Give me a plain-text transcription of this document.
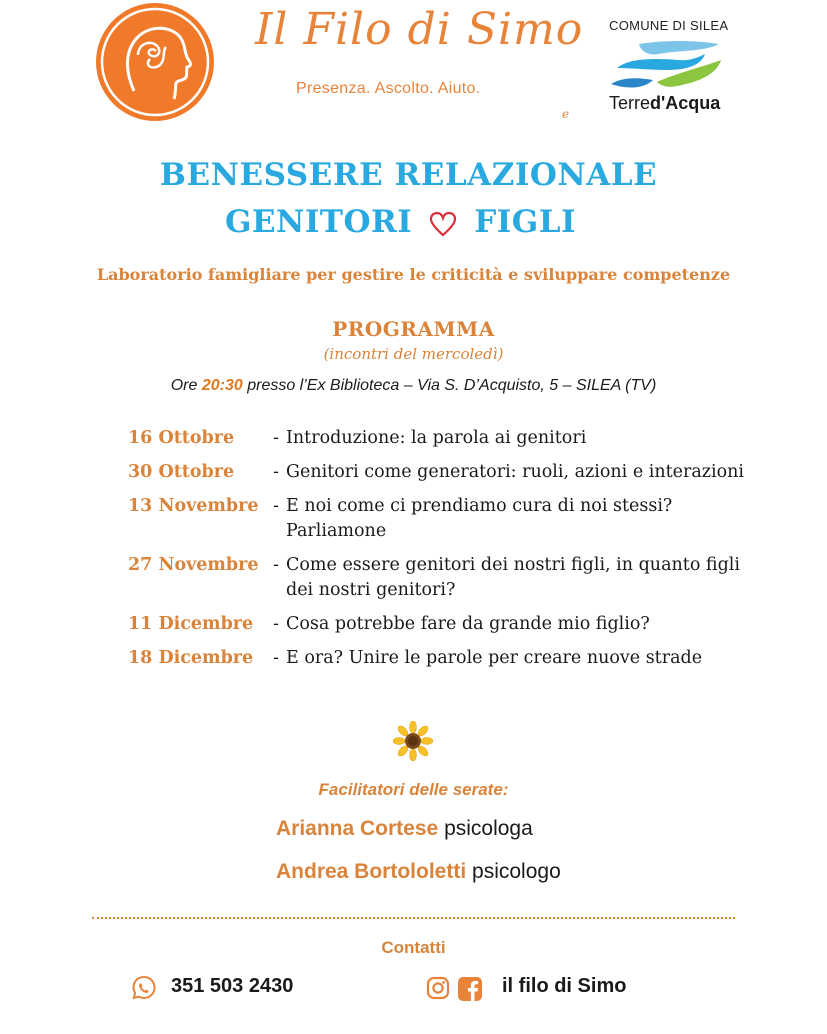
Il Filo di Simo
Presenza. Ascolto. Aiuto.
e
COMUNE DI SILEA
Terred'Acqua
BENESSERE RELAZIONALE
GENITORI FIGLI
Laboratorio famigliare per gestire le criticità e sviluppare competenze
PROGRAMMA
(incontri del mercoledì)
Ore 20:30 presso l’Ex Biblioteca – Via S. D’Acquisto, 5 – SILEA (TV)
16 Ottobre	- Introduzione: la parola ai genitori
30 Ottobre	- Genitori come generatori: ruoli, azioni e interazioni
13 Novembre - E noi come ci prendiamo cura di noi stessi? Parliamone
27 Novembre - Come essere genitori dei nostri figli, in quanto figli dei nostri genitori?
11 Dicembre	- Cosa potrebbe fare da grande mio figlio?
18 Dicembre	- E ora? Unire le parole per creare nuove strade
Facilitatori delle serate:
Arianna Cortese psicologa
Andrea Bortololetti psicologo
Contatti
351 503 2430	il filo di Simo
